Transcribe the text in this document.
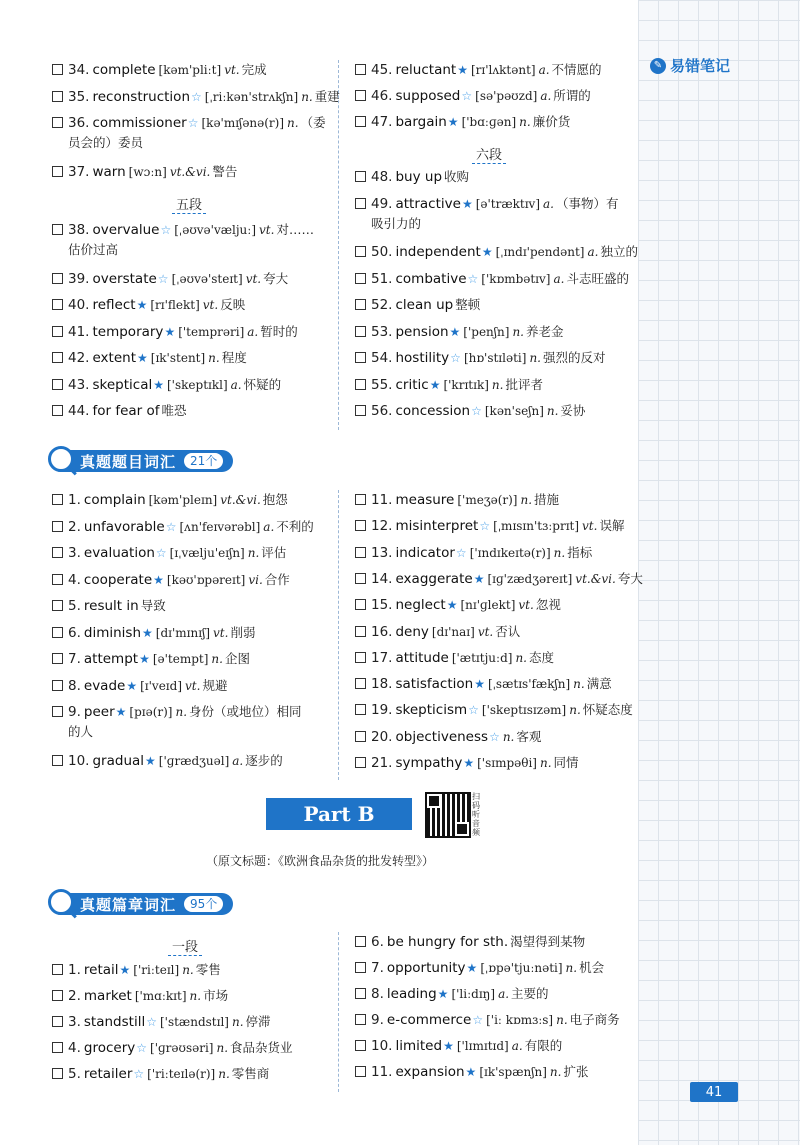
✎ 易错笔记
34. complete [kəm'pliːt] vt. 完成
35. reconstruction☆ [ˌriːkən'strʌkʃn] n. 重建
36. commissioner☆ [kə'mɪʃənə(r)] n. （委
员会的）委员
37. warn [wɔːn] vt.&vi. 警告
五段
38. overvalue☆ [ˌəʊvə'væljuː] vt. 对……
估价过高
39. overstate☆ [ˌəʊvə'steɪt] vt. 夸大
40. reflect★ [rɪ'flekt] vt. 反映
41. temporary★ ['temprəri] a. 暂时的
42. extent★ [ɪk'stent] n. 程度
43. skeptical★ ['skeptɪkl] a. 怀疑的
44. for fear of 唯恐
45. reluctant★ [rɪ'lʌktənt] a. 不情愿的
46. supposed☆ [sə'pəʊzd] a. 所谓的
47. bargain★ ['bɑːɡən] n. 廉价货
六段
48. buy up 收购
49. attractive★ [ə'træktɪv] a. （事物）有
吸引力的
50. independent★ [ˌɪndɪ'pendənt] a. 独立的
51. combative☆ ['kɒmbətɪv] a. 斗志旺盛的
52. clean up 整顿
53. pension★ ['penʃn] n. 养老金
54. hostility☆ [hɒ'stɪləti] n. 强烈的反对
55. critic★ ['krɪtɪk] n. 批评者
56. concession☆ [kən'seʃn] n. 妥协
真题题目词汇	21个
1. complain [kəm'pleɪn] vt.&vi. 抱怨
2. unfavorable☆ [ʌn'feɪvərəbl] a. 不利的
3. evaluation☆ [ɪˌvælju'eɪʃn] n. 评估
4. cooperate★ [kəʊ'ɒpəreɪt] vi. 合作
5. result in 导致
6. diminish★ [dɪ'mɪnɪʃ] vt. 削弱
7. attempt★ [ə'tempt] n. 企图
8. evade★ [ɪ'veɪd] vt. 规避
9. peer★ [pɪə(r)] n. 身份（或地位）相同
的人
10. gradual★ ['ɡrædʒuəl] a. 逐步的
11. measure ['meʒə(r)] n. 措施
12. misinterpret☆ [ˌmɪsɪn'tɜːprɪt] vt. 误解
13. indicator☆ ['ɪndɪkeɪtə(r)] n. 指标
14. exaggerate★ [ɪɡ'zædʒəreɪt] vt.&vi. 夸大
15. neglect★ [nɪ'ɡlekt] vt. 忽视
16. deny [dɪ'naɪ] vt. 否认
17. attitude ['ætɪtjuːd] n. 态度
18. satisfaction★ [ˌsætɪs'fækʃn] n. 满意
19. skepticism☆ ['skeptɪsɪzəm] n. 怀疑态度
20. objectiveness☆ n. 客观
21. sympathy★ ['sɪmpəθi] n. 同情
Part B
扫码听音频
（原文标题：《欧洲食品杂货的批发转型》）
真题篇章词汇	95个
一段
1. retail★ ['riːteɪl] n. 零售
2. market ['mɑːkɪt] n. 市场
3. standstill☆ ['stændstɪl] n. 停滞
4. grocery☆ ['ɡrəʊsəri] n. 食品杂货业
5. retailer☆ ['riːteɪlə(r)] n. 零售商
6. be hungry for sth. 渴望得到某物
7. opportunity★ [ˌɒpə'tjuːnəti] n. 机会
8. leading★ ['liːdɪŋ] a. 主要的
9. e-commerce☆ ['iː kɒmɜːs] n. 电子商务
10. limited★ ['lɪmɪtɪd] a. 有限的
11. expansion★ [ɪk'spænʃn] n. 扩张
41
